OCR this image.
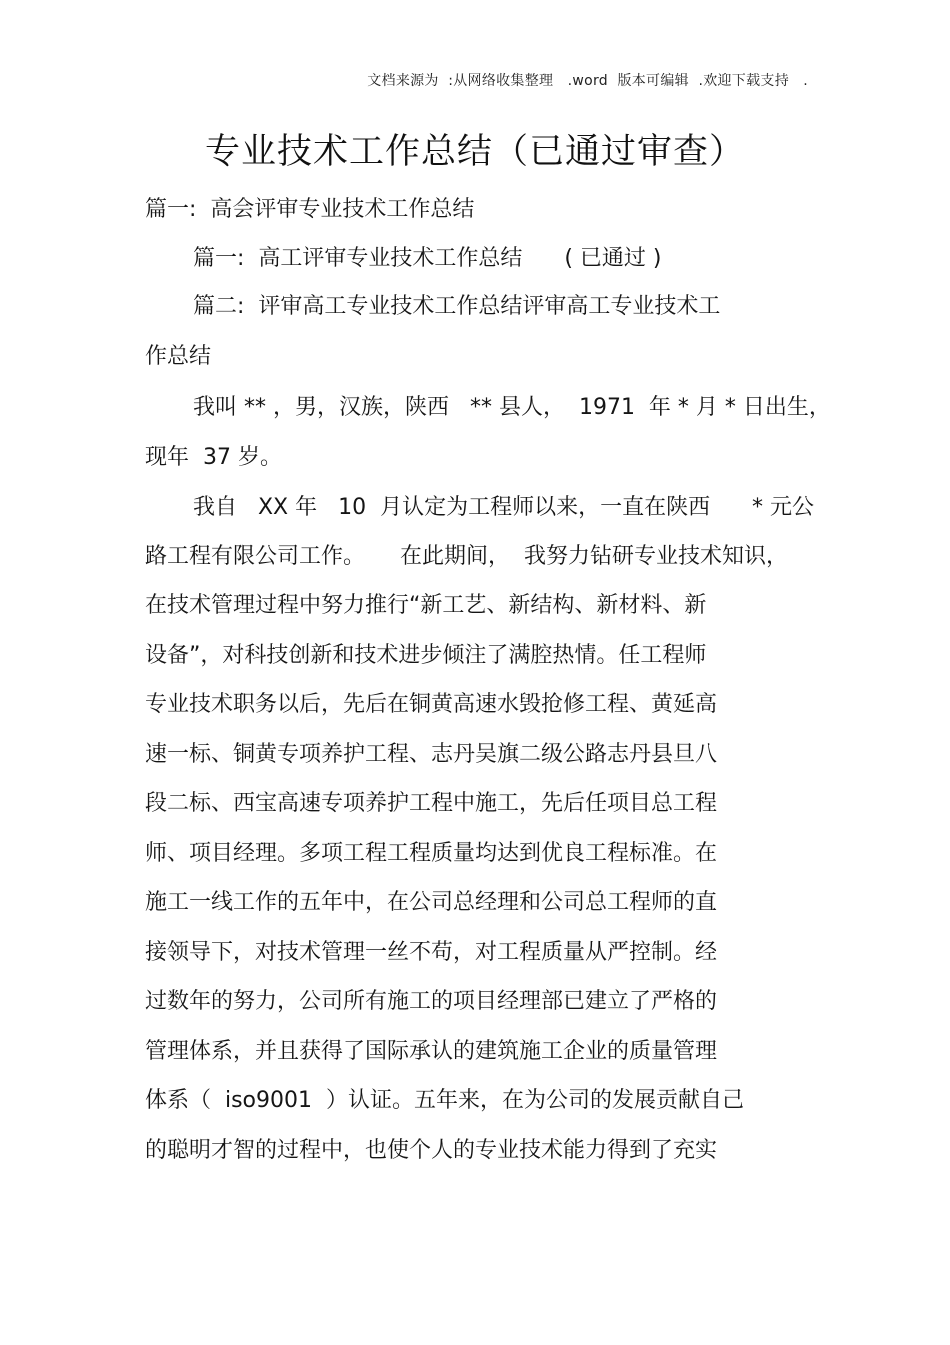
文档来源为  :从网络收集整理   .word  版本可编辑  .欢迎下载支持   .
专业技术工作总结（已通过审查）
篇一:  高会评审专业技术工作总结
篇一:  高工评审专业技术工作总结      ( 已通过 )
篇二:  评审高工专业技术工作总结评审高工专业技术工
作总结
我叫 ** ，男，汉族，陕西   ** 县人，  1971  年 * 月 * 日出生，
现年  37 岁。
我自   XX 年   10  月认定为工程师以来，一直在陕西      * 元公
路工程有限公司工作。     在此期间，  我努力钻研专业技术知识，
在技术管理过程中努力推行“新工艺、新结构、新材料、新
设备”，对科技创新和技术进步倾注了满腔热情。任工程师
专业技术职务以后，先后在铜黄高速水毁抢修工程、黄延高
速一标、铜黄专项养护工程、志丹吴旗二级公路志丹县旦八
段二标、西宝高速专项养护工程中施工，先后任项目总工程
师、项目经理。多项工程工程质量均达到优良工程标准。在
施工一线工作的五年中，在公司总经理和公司总工程师的直
接领导下，对技术管理一丝不苟，对工程质量从严控制。经
过数年的努力，公司所有施工的项目经理部已建立了严格的
管理体系，并且获得了国际承认的建筑施工企业的质量管理
体系（  iso9001  ）认证。五年来，在为公司的发展贡献自己
的聪明才智的过程中，也使个人的专业技术能力得到了充实
